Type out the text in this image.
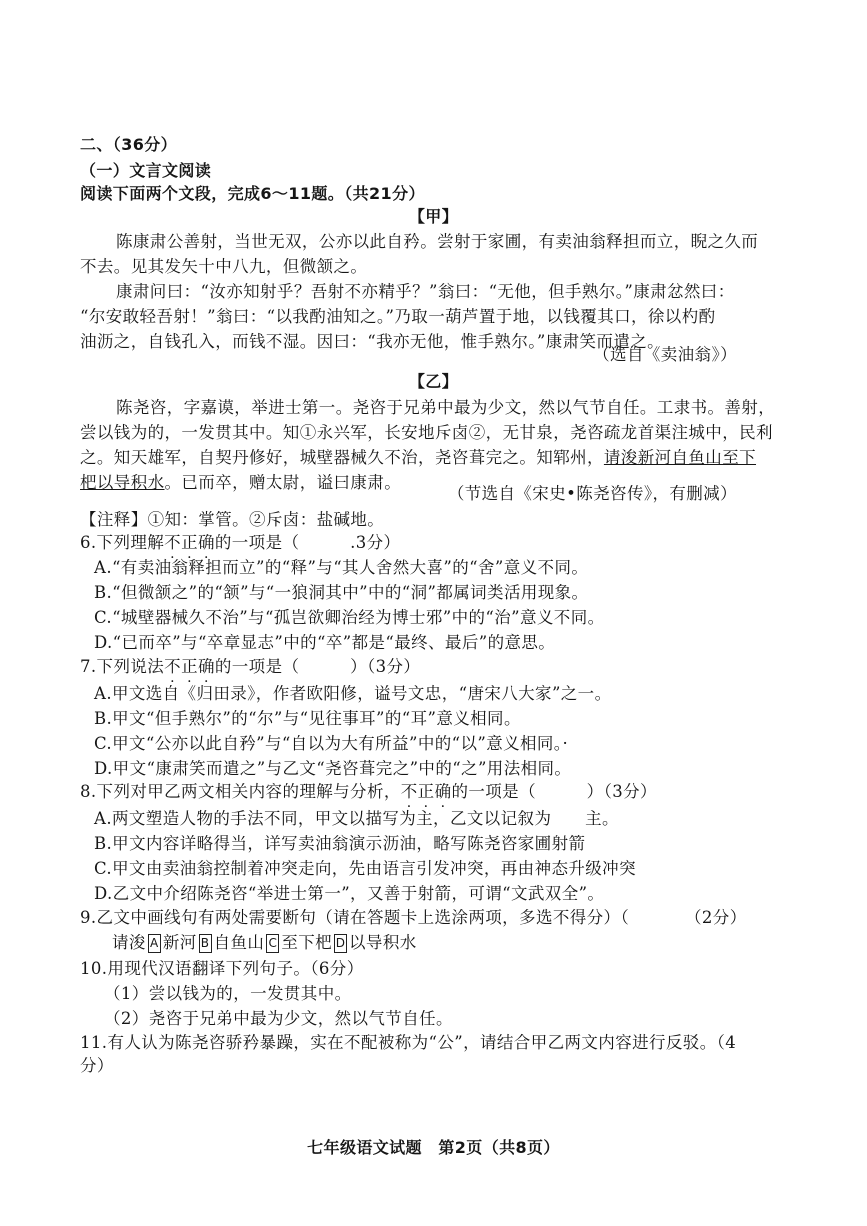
二、（36分）
（一）文言文阅读
阅读下面两个文段，完成6～11题。（共21分）
【甲】
陈康肃公善射，当世无双，公亦以此自矜。尝射于家圃，有卖油翁释担而立，睨之久而
不去。见其发矢十中八九，但微颔之。
康肃问曰：“汝亦知射乎？吾射不亦精乎？”翁曰：“无他，但手熟尔。”康肃忿然曰：
“尔安敢轻吾射！”翁曰：“以我酌油知之。”乃取一葫芦置于地，以钱覆其口，徐以杓酌
油沥之，自钱孔入，而钱不湿。因曰：“我亦无他，惟手熟尔。”康肃笑而遣之。
（选自《卖油翁》）
【乙】
陈尧咨，字嘉谟，举进士第一。尧咨于兄弟中最为少文，然以气节自任。工隶书。善射，
尝以钱为的，一发贯其中。知①永兴军，长安地斥卤②，无甘泉，尧咨疏龙首渠注城中，民利
之。知天雄军，自契丹修好，城壁器械久不治，尧咨葺完之。知郓州，请浚新河自鱼山至下
杷以导积水。已而卒，赠太尉，谥曰康肃。
（节选自《宋史•陈尧咨传》，有删减）
【注释】①知：掌管。②斥卤：盐碱地。
6.下列理解不正确的一项是（　　　.3分）
A.“有卖油翁释担而立”的“释”与“其人舍然大喜”的“舍”意义不同。
B.“但微颔之”的“颔”与“一狼洞其中”中的“洞”都属词类活用现象。
C.“城壁器械久不治”与“孤岂欲卿治经为博士邪”中的“治”意义不同。
D.“已而卒”与“卒章显志”中的“卒”都是“最终、最后”的意思。
7.下列说法不正确的一项是（　　　）（3分）
A.甲文选自《归田录》，作者欧阳修，谥号文忠，“唐宋八大家”之一。
B.甲文“但手熟尔”的“尔”与“见往事耳”的“耳”意义相同。
C.甲文“公亦以此自矜”与“自以为大有所益”中的“以”意义相同。·
D.甲文“康肃笑而遣之”与乙文“尧咨葺完之”中的“之”用法相同。
8.下列对甲乙两文相关内容的理解与分析，不正确的一项是（　　　）（3分）
A.两文塑造人物的手法不同，甲文以描写为主，乙文以记叙为　　主。
B.甲文内容详略得当，详写卖油翁演示沥油，略写陈尧咨家圃射箭
C.甲文由卖油翁控制着冲突走向，先由语言引发冲突，再由神态升级冲突
D.乙文中介绍陈尧咨“举进士第一”，又善于射箭，可谓“文武双全”。
9.乙文中画线句有两处需要断句（请在答题卡上选涂两项，多选不得分）（	（2分）
请浚 A 新河 B 自鱼山 C 至下杷 D 以导积水
10.用现代汉语翻译下列句子。（6分）
（1）尝以钱为的，一发贯其中。
（2）尧咨于兄弟中最为少文，然以气节自任。
11.有人认为陈尧咨骄矜暴躁，实在不配被称为“公”，请结合甲乙两文内容进行反驳。（4
分）
七年级语文试题　第2页（共8页）
